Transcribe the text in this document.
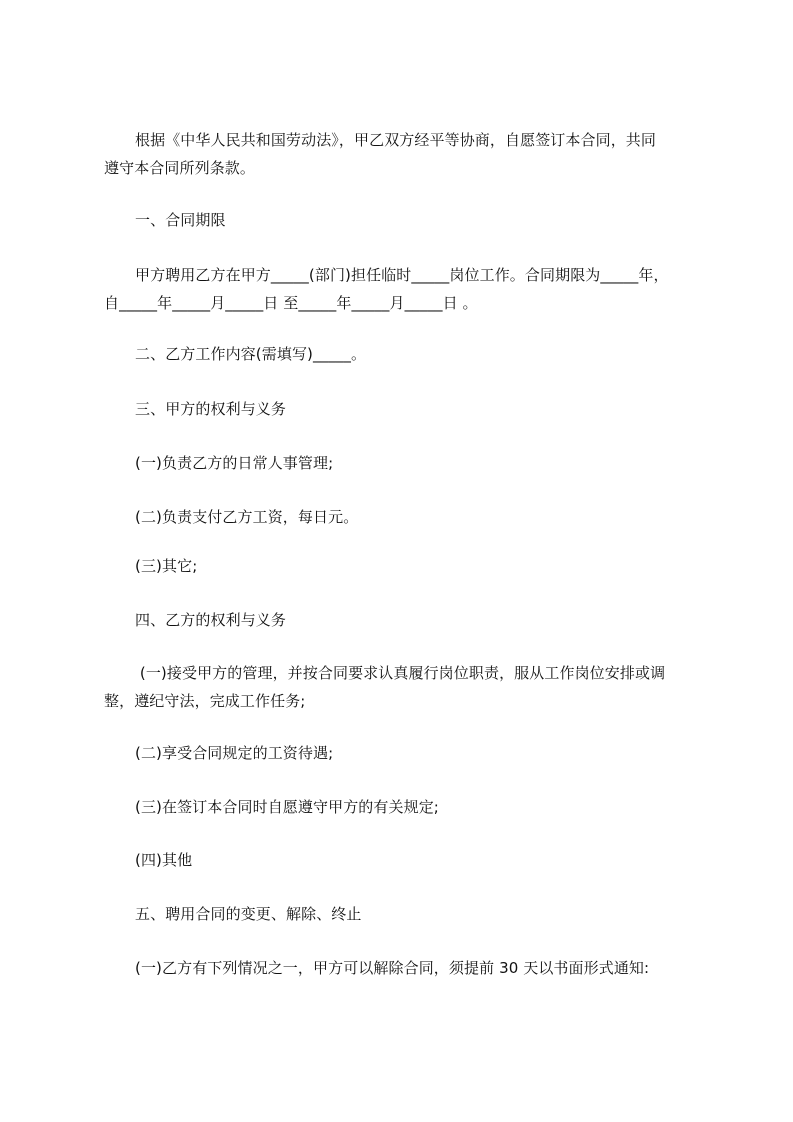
根据《中华人民共和国劳动法》，甲乙双方经平等协商，自愿签订本合同，共同
遵守本合同所列条款。
一、合同期限
甲方聘用乙方在甲方_____(部门)担任临时_____岗位工作。合同期限为_____年，
自_____年_____月_____日 至_____年_____月_____日 。
二、乙方工作内容(需填写)_____。
三、甲方的权利与义务
(一)负责乙方的日常人事管理;
(二)负责支付乙方工资，每日元。
(三)其它;
四、乙方的权利与义务
(一)接受甲方的管理，并按合同要求认真履行岗位职责，服从工作岗位安排或调
整，遵纪守法，完成工作任务;
(二)享受合同规定的工资待遇;
(三)在签订本合同时自愿遵守甲方的有关规定;
(四)其他
五、聘用合同的变更、解除、终止
(一)乙方有下列情况之一，甲方可以解除合同，须提前 30 天以书面形式通知:
